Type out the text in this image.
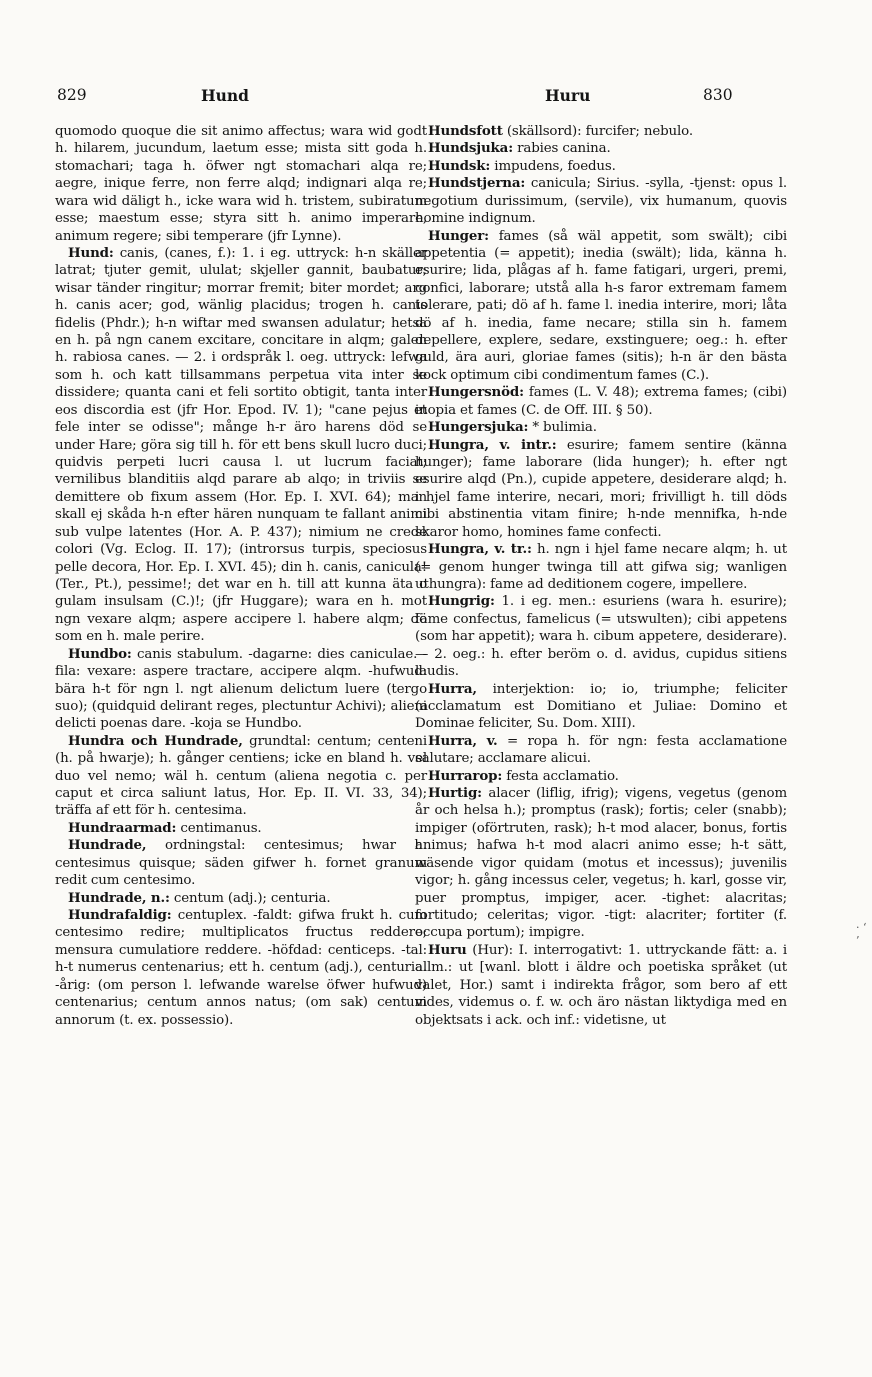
829	Hund	Huru	830

quomodo quoque die sit animo affectus; wara wid godt h. hilarem, jucundum, laetum esse; mista sitt goda h. stomachari; taga h. öfwer ngt stomachari alqa re; aegre, inique ferre, non ferre alqd; indignari alqa re; wara wid däligt h., icke wara wid h. tristem, subiratum esse; maestum esse; styra sitt h. animo imperare, animum regere; sibi temperare (jfr Lynne).

Hund: canis, (canes, f.): 1. i eg. uttryck: h-n skäller latrat; tjuter gemit, ululat; skjeller gannit, baubatur; wisar tänder ringitur; morrar fremit; biter mordet; arg h. canis acer; god, wänlig placidus; trogen h. canis fidelis (Phdr.); h-n wiftar med swansen adulatur; hetsa en h. på ngn canem excitare, concitare in alqm; galen h. rabiosa canes. — 2. i ordspråk l. oeg. uttryck: lefwa som h. och katt tillsammans perpetua vita inter se dissidere; quanta cani et feli sortito obtigit, tanta inter eos discordia est (jfr Hor. Epod. IV. 1); "cane pejus et fele inter se odisse"; månge h-r äro harens död se under Hare; göra sig till h. för ett bens skull lucro duci; quidvis perpeti lucri causa l. ut lucrum faciat; vernilibus blanditiis alqd parare ab alqo; in triviis se demittere ob fixum assem (Hor. Ep. I. XVI. 64); man skall ej skåda h-n efter hären nunquam te fallant animi sub vulpe latentes (Hor. A. P. 437); nimium ne crede colori (Vg. Eclog. II. 17); (introrsus turpis, speciosus pelle decora, Hor. Ep. I. XVI. 45); din h. canis, canicula! (Ter., Pt.), pessime!; det war en h. till att kunna äta o gulam insulsam (C.)!; (jfr Huggare); wara en h. mot ngn vexare alqm; aspere accipere l. habere alqm; dö som en h. male perire.

Hundbo: canis stabulum. -dagarne: dies caniculae. -fila: vexare: aspere tractare, accipere alqm. -hufwud: bära h-t för ngn l. ngt alienum delictum luere (tergo suo); (quidquid delirant reges, plectuntur Achivi); alieni delicti poenas dare. -koja se Hundbo.

Hundra och Hundrade, grundtal: centum; centeni (h. på hwarje); h. gånger centiens; icke en bland h. vel duo vel nemo; wäl h. centum (aliena negotia c. per caput et circa saliunt latus, Hor. Ep. II. VI. 33, 34); träffa af ett för h. centesima.

Hundraarmad: centimanus.

Hundrade, ordningstal: centesimus; hwar h. centesimus quisque; säden gifwer h. fornet granum redit cum centesimo.

Hundrade, n.: centum (adj.); centuria.

Hundrafaldig: centuplex. -faldt: gifwa frukt h. cum centesimo redire; multiplicatos fructus reddere; mensura cumulatiore reddere. -höfdad: centiceps. -tal: h-t numerus centenarius; ett h. centum (adj.), centuria. -årig: (om person l. lefwande warelse öfwer hufwud) centenarius; centum annos natus; (om sak) centum annorum (t. ex. possessio).

Hundsfott (skällsord): furcifer; nebulo.

Hundsjuka: rabies canina.

Hundsk: impudens, foedus.

Hundstjerna: canicula; Sirius. -sylla, -tjenst: opus l. negotium durissimum, (servile), vix humanum, quovis homine indignum.

Hunger: fames (så wäl appetit, som swält); cibi appetentia (= appetit); inedia (swält); lida, känna h. esurire; lida, plågas af h. fame fatigari, urgeri, premi, confici, laborare; utstå alla h-s faror extremam famem tolerare, pati; dö af h. fame l. inedia interire, mori; låta dö af h. inedia, fame necare; stilla sin h. famem depellere, explere, sedare, exstinguere; oeg.: h. efter guld, ära auri, gloriae fames (sitis); h-n är den bästa kock optimum cibi condimentum fames (C.).

Hungersnöd: fames (L. V. 48); extrema fames; (cibi) inopia et fames (C. de Off. III. § 50).

Hungersjuka: * bulimia.

Hungra, v. intr.: esurire; famem sentire (känna hunger); fame laborare (lida hunger); h. efter ngt esurire alqd (Pn.), cupide appetere, desiderare alqd; h. i hjel fame interire, necari, mori; frivilligt h. till döds cibi abstinentia vitam finire; h-nde mennifka, h-nde skaror homo, homines fame confecti.

Hungra, v. tr.: h. ngn i hjel fame necare alqm; h. ut (= genom hunger twinga till att gifwa sig; wanligen uthungra): fame ad deditionem cogere, impellere.

Hungrig: 1. i eg. men.: esuriens (wara h. esurire); fame confectus, famelicus (= utswulten); cibi appetens (som har appetit); wara h. cibum appetere, desiderare). — 2. oeg.: h. efter beröm o. d. avidus, cupidus sitiens laudis.

Hurra, interjektion: io; io, triumphe; feliciter (acclamatum est Domitiano et Juliae: Domino et Dominae feliciter, Su. Dom. XIII).

Hurra, v. = ropa h. för ngn: festa acclamatione salutare; acclamare alicui.

Hurrarop: festa acclamatio.

Hurtig: alacer (liflig, ifrig); vigens, vegetus (genom år och helsa h.); promptus (rask); fortis; celer (snabb); impiger (oförtruten, rask); h-t mod alacer, bonus, fortis animus; hafwa h-t mod alacri animo esse; h-t sätt, wäsende vigor quidam (motus et incessus); juvenilis vigor; h. gång incessus celer, vegetus; h. karl, gosse vir, puer promptus, impiger, acer. -tighet: alacritas; fortitudo; celeritas; vigor. -tigt: alacriter; fortiter (f. occupa portum); impigre.

Huru (Hur): I. interrogativt: 1. uttryckande fätt: a. i allm.: ut [wanl. blott i äldre och poetiska språket (ut valet, Hor.) samt i indirekta frågor, som bero af ett vides, videmus o. f. w. och äro nästan liktydiga med en objektsats i ack. och inf.: videtisne, ut

· ‘ ’
